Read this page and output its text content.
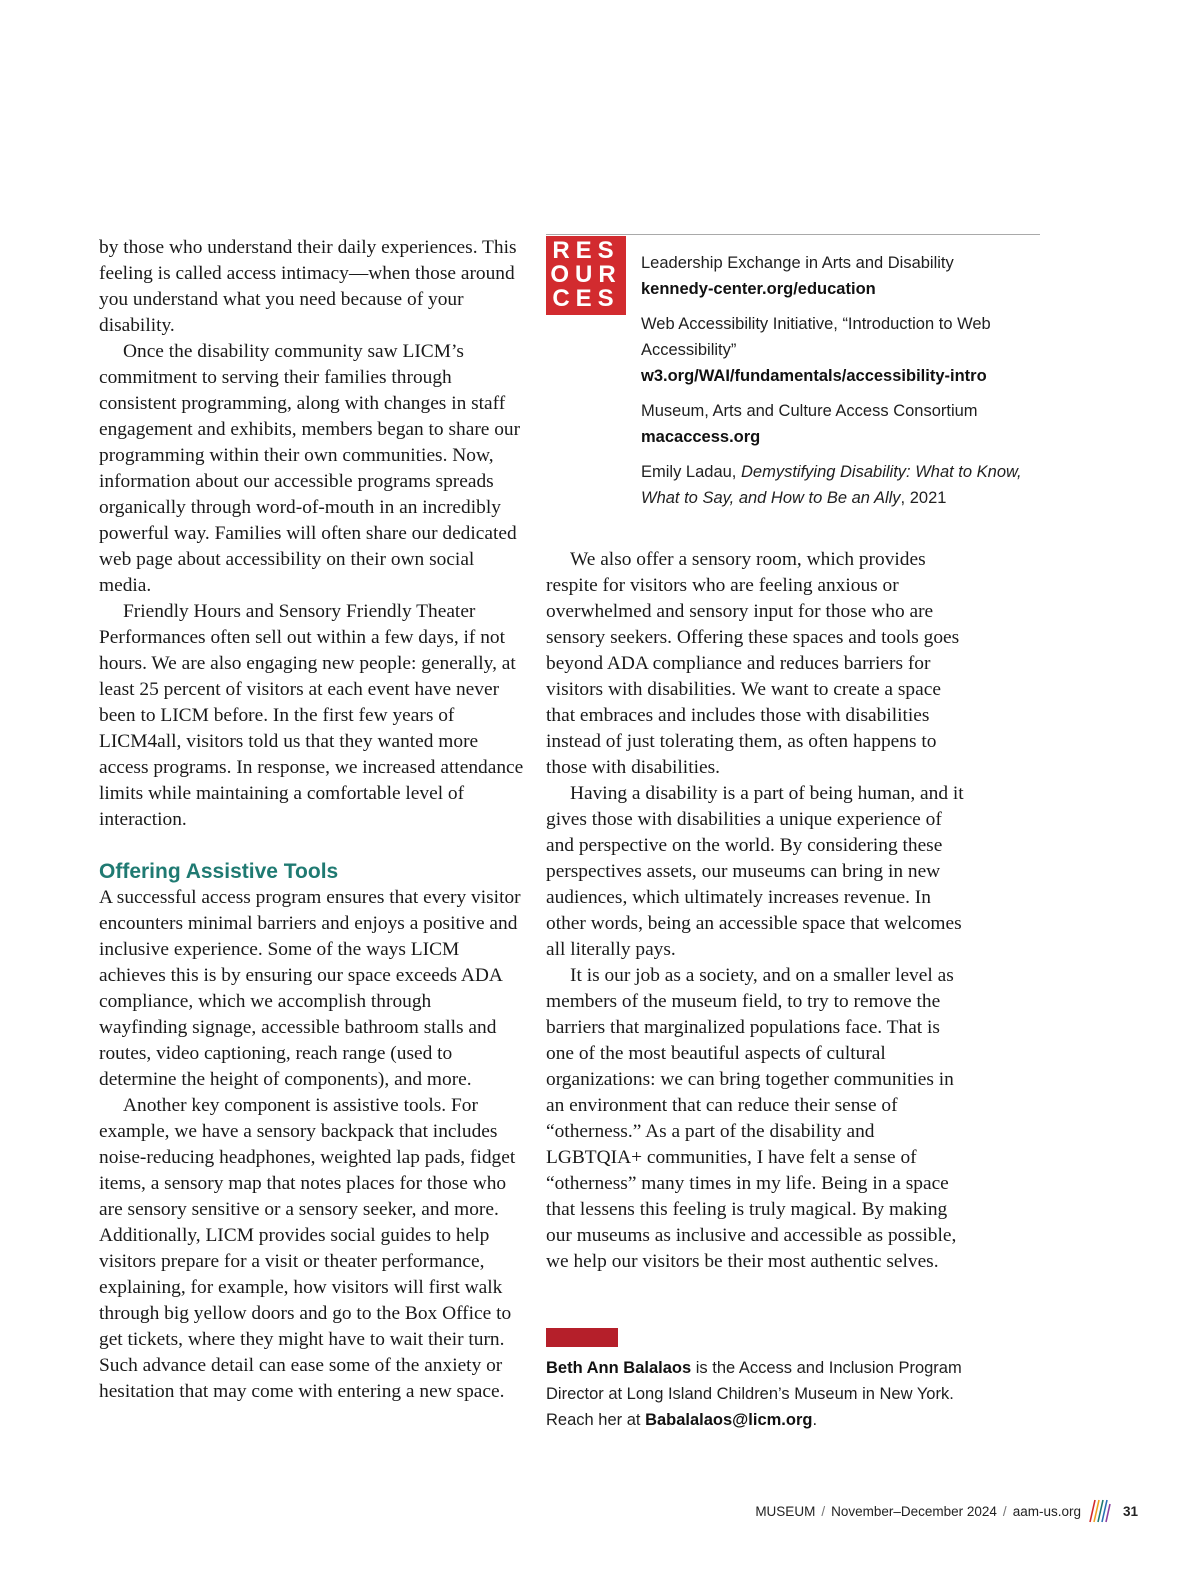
by those who understand their daily experiences. This feeling is called access intimacy—when those around you understand what you need because of your disability.

Once the disability community saw LICM’s commitment to serving their families through consistent programming, along with changes in staff engagement and exhibits, members began to share our programming within their own communities. Now, information about our accessible programs spreads organically through word-of-mouth in an incredibly powerful way. Families will often share our dedicated web page about accessibility on their own social media.

Friendly Hours and Sensory Friendly Theater Performances often sell out within a few days, if not hours. We are also engaging new people: generally, at least 25 percent of visitors at each event have never been to LICM before. In the first few years of LICM4all, visitors told us that they wanted more access programs. In response, we increased attendance limits while maintaining a comfortable level of interaction.

Offering Assistive Tools

A successful access program ensures that every visitor encounters minimal barriers and enjoys a positive and inclusive experience. Some of the ways LICM achieves this is by ensuring our space exceeds ADA compliance, which we accomplish through wayfinding signage, accessible bathroom stalls and routes, video captioning, reach range (used to determine the height of components), and more.

Another key component is assistive tools. For example, we have a sensory backpack that includes noise-reducing headphones, weighted lap pads, fidget items, a sensory map that notes places for those who are sensory sensitive or a sensory seeker, and more. Additionally, LICM provides social guides to help visitors prepare for a visit or theater performance, explaining, for example, how visitors will first walk through big yellow doors and go to the Box Office to get tickets, where they might have to wait their turn. Such advance detail can ease some of the anxiety or hesitation that may come with entering a new space.

RES
OUR
CES
Leadership Exchange in Arts and Disability
kennedy-center.org/education
Web Accessibility Initiative, “Introduction to Web Accessibility”
w3.org/WAI/fundamentals/accessibility-intro
Museum, Arts and Culture Access Consortium
macaccess.org
Emily Ladau, Demystifying Disability: What to Know, What to Say, and How to Be an Ally, 2021

We also offer a sensory room, which provides respite for visitors who are feeling anxious or overwhelmed and sensory input for those who are sensory seekers. Offering these spaces and tools goes beyond ADA compliance and reduces barriers for visitors with disabilities. We want to create a space that embraces and includes those with disabilities instead of just tolerating them, as often happens to those with disabilities.

Having a disability is a part of being human, and it gives those with disabilities a unique experience of and perspective on the world. By considering these perspectives assets, our museums can bring in new audiences, which ultimately increases revenue. In other words, being an accessible space that welcomes all literally pays.

It is our job as a society, and on a smaller level as members of the museum field, to try to remove the barriers that marginalized populations face. That is one of the most beautiful aspects of cultural organizations: we can bring together communities in an environment that can reduce their sense of “otherness.” As a part of the disability and LGBTQIA+ communities, I have felt a sense of “otherness” many times in my life. Being in a space that lessens this feeling is truly magical. By making our museums as inclusive and accessible as possible, we help our visitors be their most authentic selves.

Beth Ann Balalaos is the Access and Inclusion Program Director at Long Island Children’s Museum in New York. Reach her at Babalalaos@licm.org.
MUSEUM / November–December 2024 / aam-us.org	31
